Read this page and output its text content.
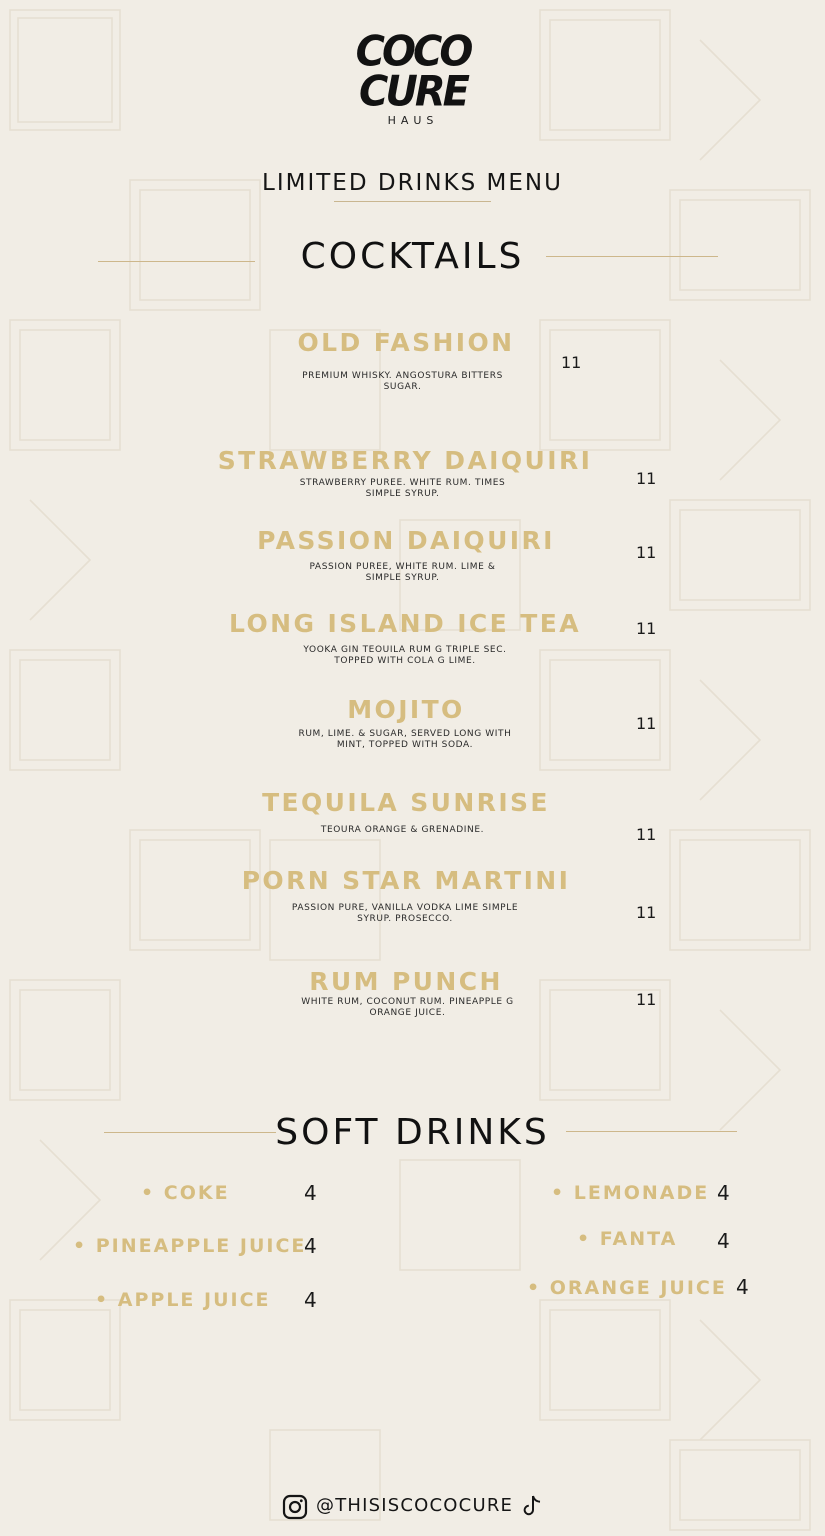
COCO
CURE
HAUS
LIMITED DRINKS MENU
COCKTAILS
OLD FASHION
PREMIUM WHISKY. ANGOSTURA BITTERS SUGAR.
11
STRAWBERRY DAIQUIRI
STRAWBERRY PUREE. WHITE RUM. TIMES SIMPLE SYRUP.
11
PASSION DAIQUIRI
PASSION PUREE, WHITE RUM. LIME & SIMPLE SYRUP.
11
LONG ISLAND ICE TEA
YOOKA GIN TEOUILA RUM G TRIPLE SEC. TOPPED WITH COLA G LIME.
11
MOJITO
RUM, LIME. & SUGAR, SERVED LONG WITH MINT, TOPPED WITH SODA.
11
TEQUILA SUNRISE
TEOURA ORANGE & GRENADINE.	11
PORN STAR MARTINI
PASSION PURE, VANILLA VODKA LIME SIMPLE SYRUP. PROSECCO.	11
RUM PUNCH
WHITE RUM, COCONUT RUM. PINEAPPLE G ORANGE JUICE.
11
SOFT DRINKS
• COKE	4
• PINEAPPLE JUICE
4
• APPLE JUICE 4
• LEMONADE 4
• FANTA 4
• ORANGE JUICE 4
@THISISCOCOCURE
